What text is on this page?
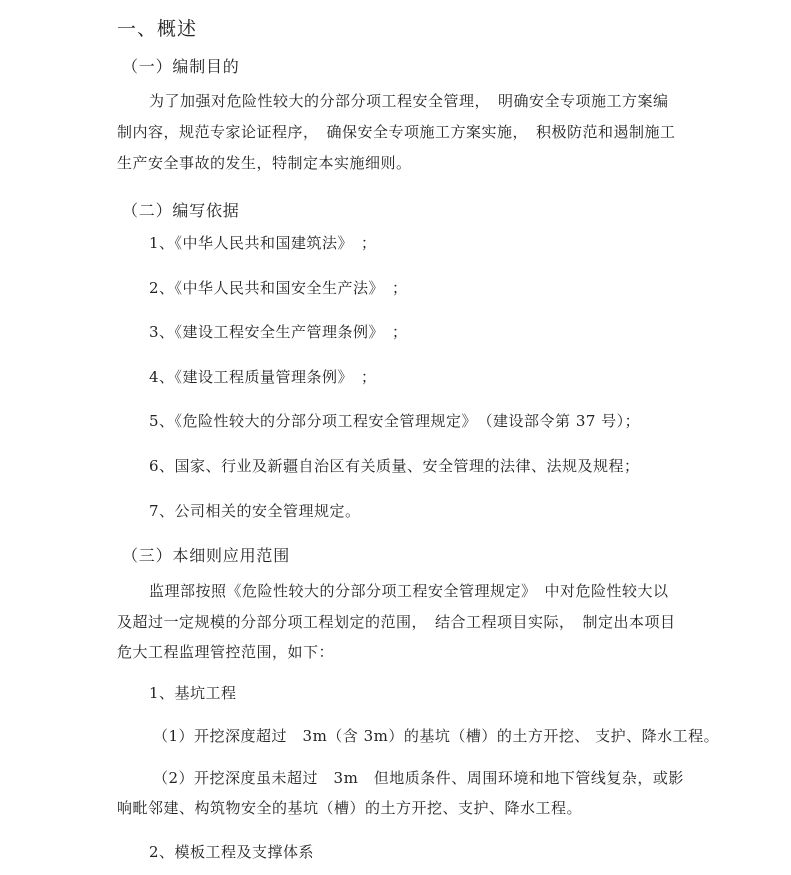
一、概述
（一）编制目的
为了加强对危险性较大的分部分项工程安全管理，　明确安全专项施工方案编
制内容，规范专家论证程序，　确保安全专项施工方案实施，　积极防范和遏制施工
生产安全事故的发生，特制定本实施细则。
（二）编写依据
1、《中华人民共和国建筑法》　；
2、《中华人民共和国安全生产法》　；
3、《建设工程安全生产管理条例》　；
4、《建设工程质量管理条例》　；
5、《危险性较大的分部分项工程安全管理规定》　（建设部令第 37 号）；
6、国家、行业及新疆自治区有关质量、安全管理的法律、法规及规程；
7、公司相关的安全管理规定。
（三）本细则应用范围
监理部按照《危险性较大的分部分项工程安全管理规定》　中对危险性较大以
及超过一定规模的分部分项工程划定的范围，　结合工程项目实际，　制定出本项目
危大工程监理管控范围，如下：
1、基坑工程
（1）开挖深度超过　3m（含 3m）的基坑（槽）的土方开挖、 支护、降水工程。
（2）开挖深度虽未超过　3m　但地质条件、周围环境和地下管线复杂，或影
响毗邻建、构筑物安全的基坑（槽）的土方开挖、支护、降水工程。
2、模板工程及支撑体系
